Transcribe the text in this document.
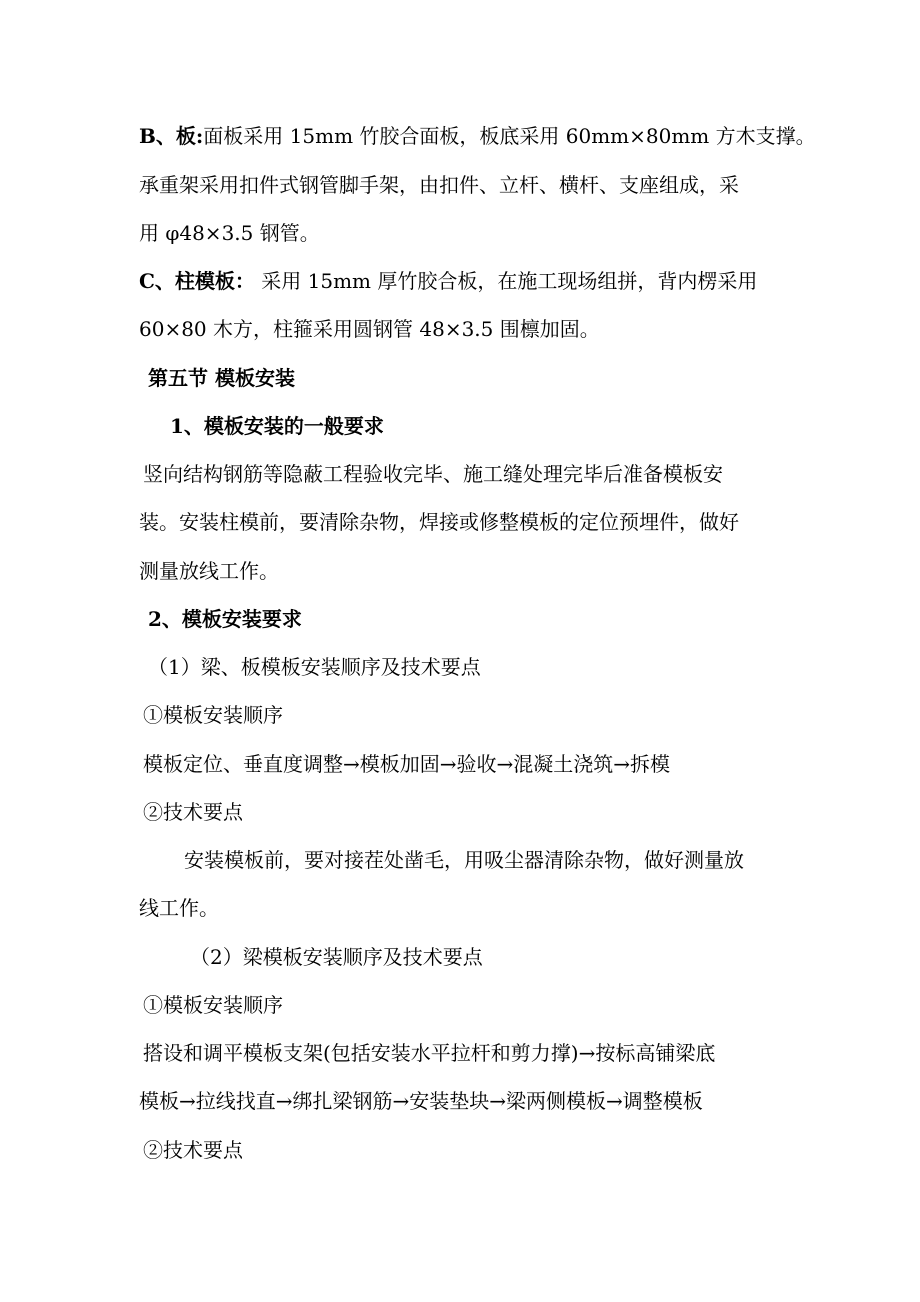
B、板:面板采用 15mm 竹胶合面板，板底采用 60mm×80mm 方木支撑。
承重架采用扣件式钢管脚手架，由扣件、立杆、横杆、支座组成，采
用 φ48×3.5 钢管。
C、柱模板： 采用 15mm 厚竹胶合板，在施工现场组拼，背内楞采用
60×80 木方，柱箍采用圆钢管 48×3.5 围檩加固。
第五节 模板安装
1、模板安装的一般要求
竖向结构钢筋等隐蔽工程验收完毕、施工缝处理完毕后准备模板安
装。安装柱模前，要清除杂物，焊接或修整模板的定位预埋件，做好
测量放线工作。
2、模板安装要求
（1）梁、板模板安装顺序及技术要点
①模板安装顺序
模板定位、垂直度调整→模板加固→验收→混凝土浇筑→拆模
②技术要点
安装模板前，要对接茬处凿毛，用吸尘器清除杂物，做好测量放
线工作。
（2）梁模板安装顺序及技术要点
①模板安装顺序
搭设和调平模板支架(包括安装水平拉杆和剪力撑)→按标高铺梁底
模板→拉线找直→绑扎梁钢筋→安装垫块→梁两侧模板→调整模板
②技术要点
